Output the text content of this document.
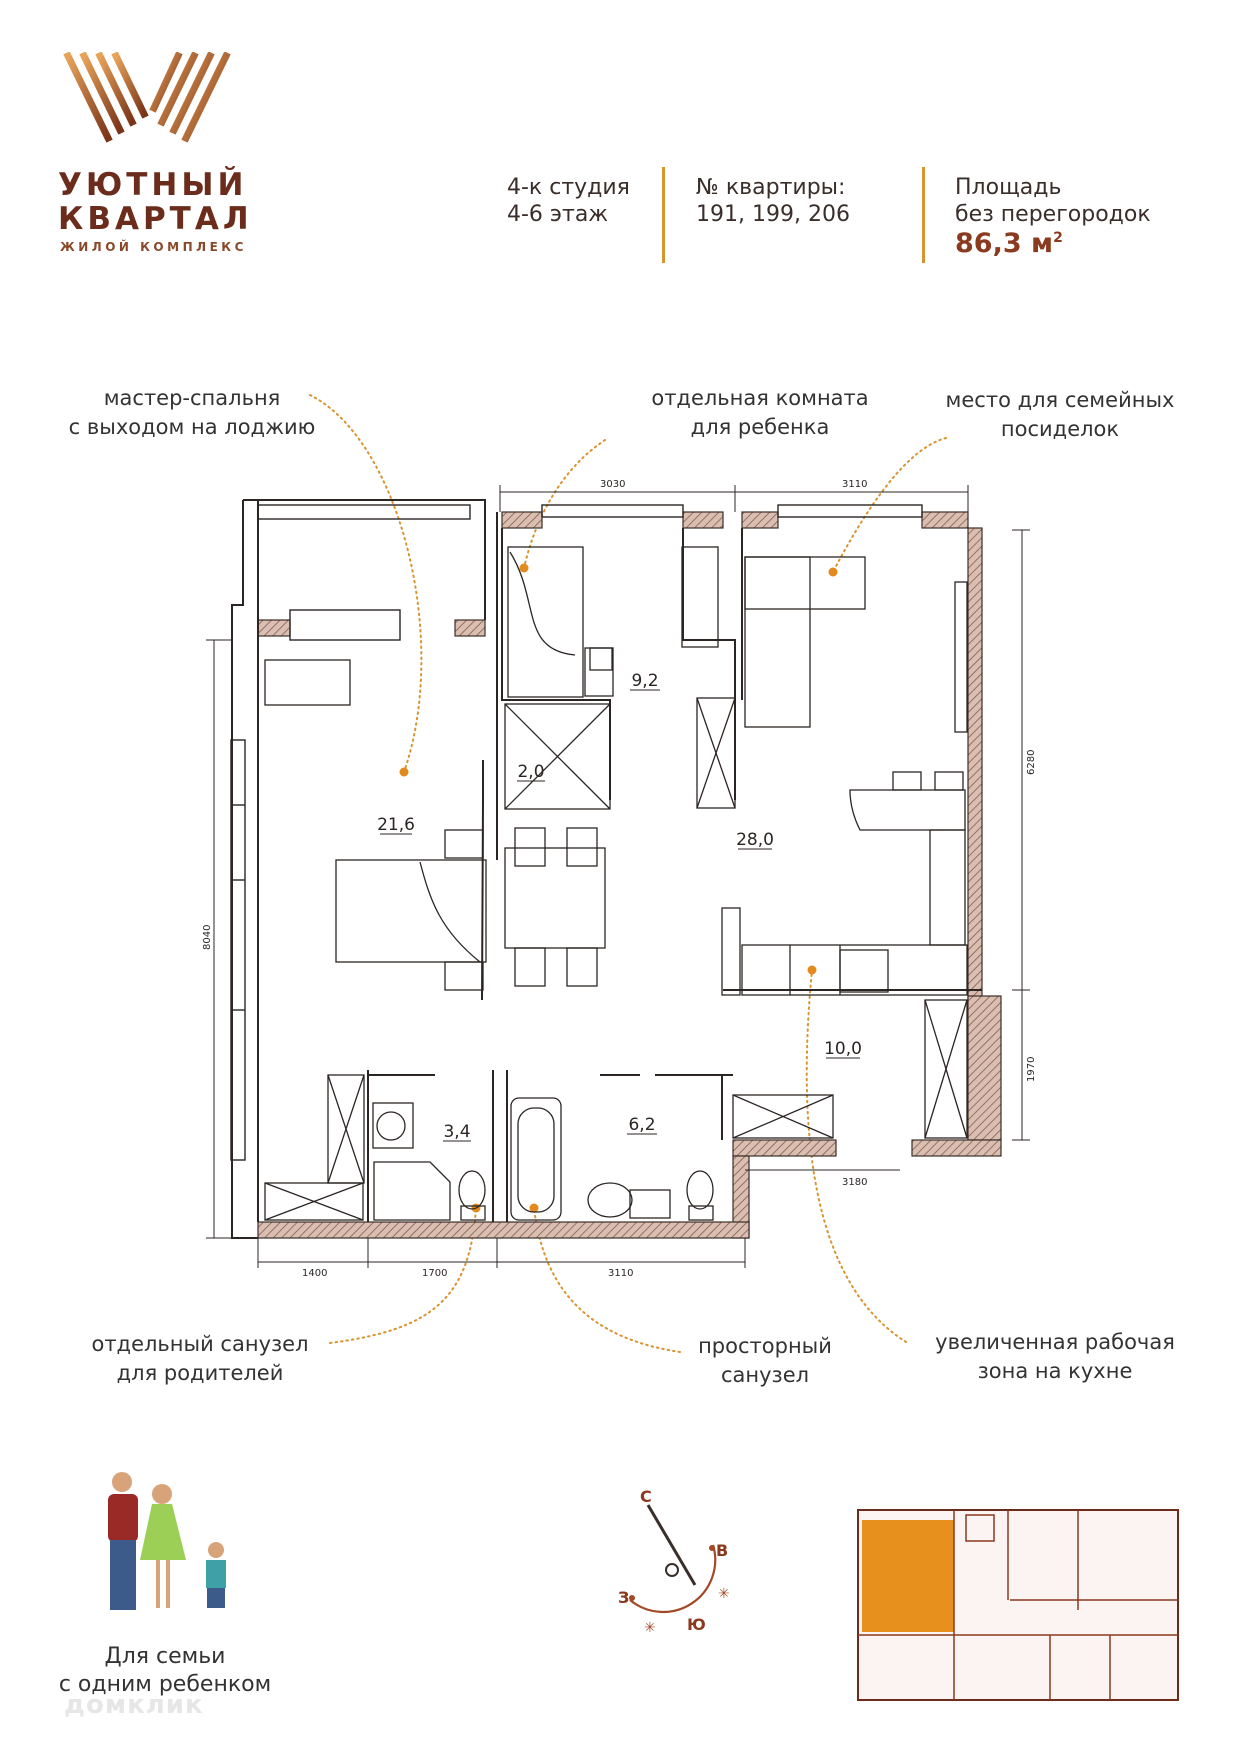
УЮТНЫЙ
КВАРТАЛ
ЖИЛОЙ КОМПЛЕКС
4-к студия
4-6 этаж
№ квартиры:
191, 199, 206
Площадь
без перегородок
86,3 $м^2$
мастер-спальня
с выходом на лоджию
отдельная комната
для ребенка
место для семейных
посиделок
отдельный санузел
для родителей
просторный
санузел
увеличенная рабочая
зона на кухне
3030	3110
6280
1970
8040
1400	1700	3110
3180
21,6
9,2
2,0
28,0
10,0
3,4	6,2
С
В
Ю
З	✳
✳
Для семьи
с одним ребенком
домклик
